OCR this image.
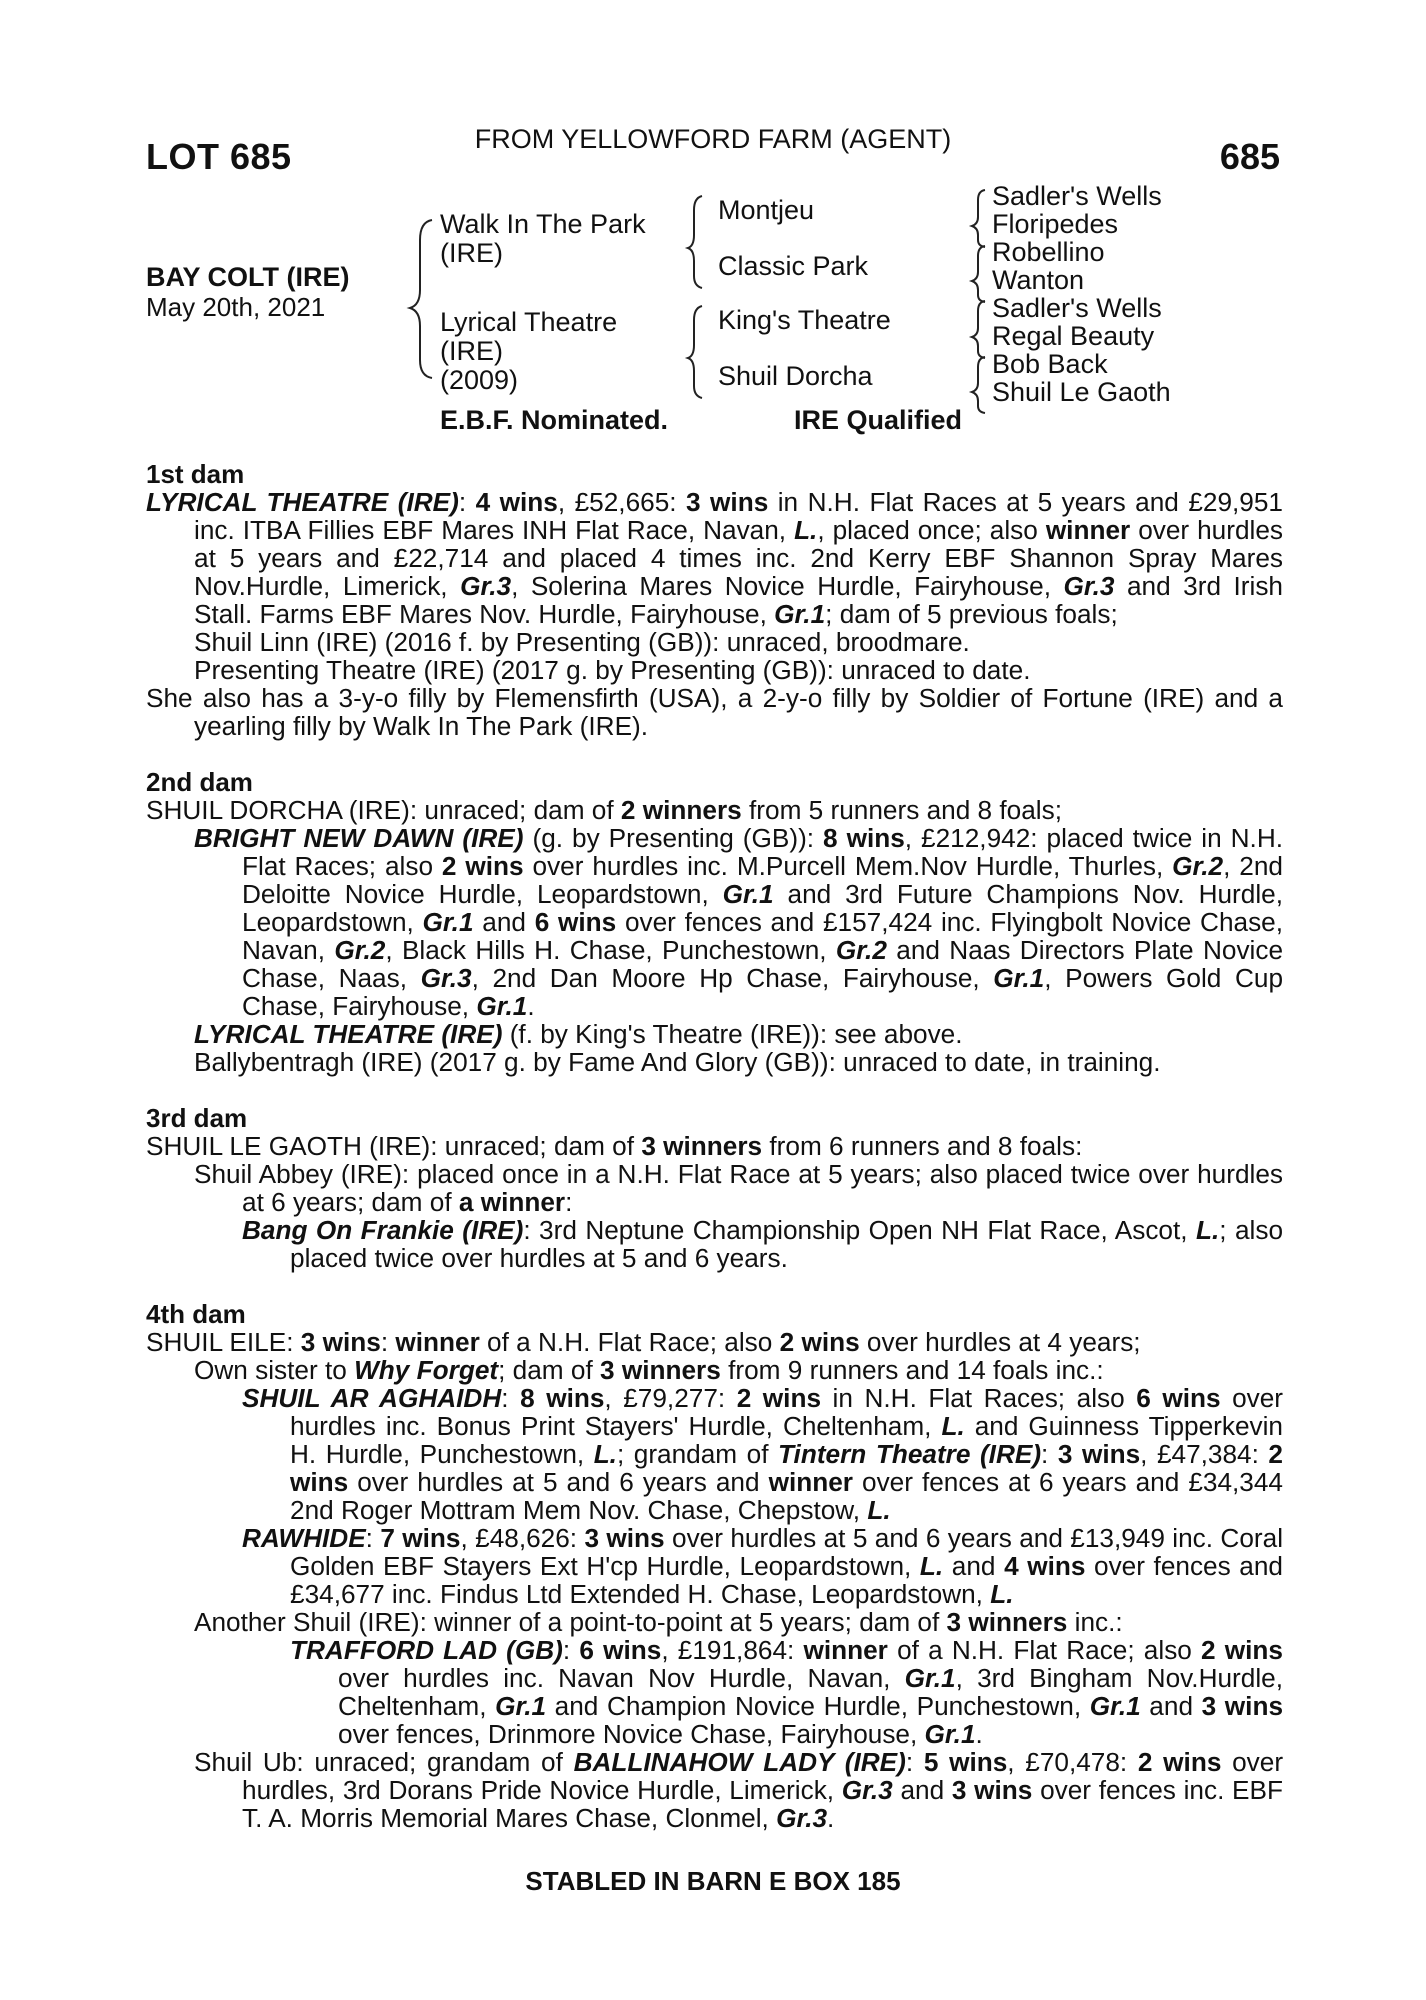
LOT 685	FROM YELLOWFORD FARM (AGENT)	685
BAY COLT (IRE)
May 20th, 2021
Walk In The Park
(IRE)
Lyrical Theatre
(IRE)
(2009)
Montjeu
Classic Park
King's Theatre
Shuil Dorcha
Sadler's Wells
Floripedes
Robellino
Wanton
Sadler's Wells
Regal Beauty
Bob Back
Shuil Le Gaoth
E.B.F. Nominated.	IRE Qualified
1st dam

LYRICAL THEATRE (IRE): 4 wins, £52,665: 3 wins in N.H. Flat Races at 5 years and £29,951 inc. ITBA Fillies EBF Mares INH Flat Race, Navan, L., placed once; also winner over hurdles at 5 years and £22,714 and placed 4 times inc. 2nd Kerry EBF Shannon Spray Mares Nov.Hurdle, Limerick, Gr.3, Solerina Mares Novice Hurdle, Fairyhouse, Gr.3 and 3rd Irish Stall. Farms EBF Mares Nov. Hurdle, Fairyhouse, Gr.1; dam of 5 previous foals;

Shuil Linn (IRE) (2016 f. by Presenting (GB)): unraced, broodmare.

Presenting Theatre (IRE) (2017 g. by Presenting (GB)): unraced to date.

She also has a 3-y-o filly by Flemensfirth (USA), a 2-y-o filly by Soldier of Fortune (IRE) and a yearling filly by Walk In The Park (IRE).

2nd dam

SHUIL DORCHA (IRE): unraced; dam of 2 winners from 5 runners and 8 foals;

BRIGHT NEW DAWN (IRE) (g. by Presenting (GB)): 8 wins, £212,942: placed twice in N.H. Flat Races; also 2 wins over hurdles inc. M.Purcell Mem.Nov Hurdle, Thurles, Gr.2, 2nd Deloitte Novice Hurdle, Leopardstown, Gr.1 and 3rd Future Champions Nov. Hurdle, Leopardstown, Gr.1 and 6 wins over fences and £157,424 inc. Flyingbolt Novice Chase, Navan, Gr.2, Black Hills H. Chase, Punchestown, Gr.2 and Naas Directors Plate Novice Chase, Naas, Gr.3, 2nd Dan Moore Hp Chase, Fairyhouse, Gr.1, Powers Gold Cup Chase, Fairyhouse, Gr.1.

LYRICAL THEATRE (IRE) (f. by King's Theatre (IRE)): see above.

Ballybentragh (IRE) (2017 g. by Fame And Glory (GB)): unraced to date, in training.

3rd dam

SHUIL LE GAOTH (IRE): unraced; dam of 3 winners from 6 runners and 8 foals:

Shuil Abbey (IRE): placed once in a N.H. Flat Race at 5 years; also placed twice over hurdles at 6 years; dam of a winner:

Bang On Frankie (IRE): 3rd Neptune Championship Open NH Flat Race, Ascot, L.; also placed twice over hurdles at 5 and 6 years.

4th dam

SHUIL EILE: 3 wins: winner of a N.H. Flat Race; also 2 wins over hurdles at 4 years;

Own sister to Why Forget; dam of 3 winners from 9 runners and 14 foals inc.:

SHUIL AR AGHAIDH: 8 wins, £79,277: 2 wins in N.H. Flat Races; also 6 wins over hurdles inc. Bonus Print Stayers' Hurdle, Cheltenham, L. and Guinness Tipperkevin H. Hurdle, Punchestown, L.; grandam of Tintern Theatre (IRE): 3 wins, £47,384: 2 wins over hurdles at 5 and 6 years and winner over fences at 6 years and £34,344 2nd Roger Mottram Mem Nov. Chase, Chepstow, L.

RAWHIDE: 7 wins, £48,626: 3 wins over hurdles at 5 and 6 years and £13,949 inc. Coral Golden EBF Stayers Ext H'cp Hurdle, Leopardstown, L. and 4 wins over fences and £34,677 inc. Findus Ltd Extended H. Chase, Leopardstown, L.

Another Shuil (IRE): winner of a point-to-point at 5 years; dam of 3 winners inc.:

TRAFFORD LAD (GB): 6 wins, £191,864: winner of a N.H. Flat Race; also 2 wins over hurdles inc. Navan Nov Hurdle, Navan, Gr.1, 3rd Bingham Nov.Hurdle, Cheltenham, Gr.1 and Champion Novice Hurdle, Punchestown, Gr.1 and 3 wins over fences, Drinmore Novice Chase, Fairyhouse, Gr.1.

Shuil Ub: unraced; grandam of BALLINAHOW LADY (IRE): 5 wins, £70,478: 2 wins over hurdles, 3rd Dorans Pride Novice Hurdle, Limerick, Gr.3 and 3 wins over fences inc. EBF T. A. Morris Memorial Mares Chase, Clonmel, Gr.3.

STABLED IN BARN E BOX 185
